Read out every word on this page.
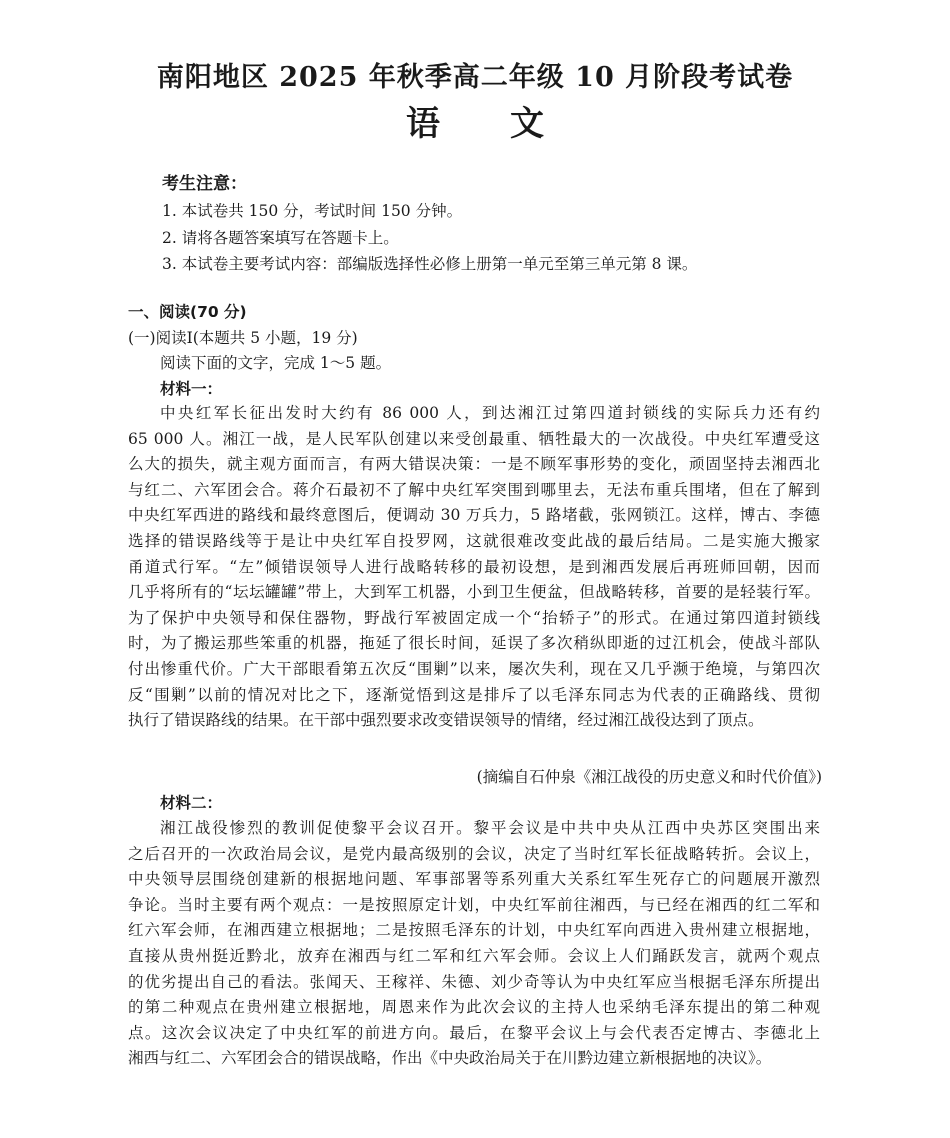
南阳地区 2025 年秋季高二年级 10 月阶段考试卷
语 文
考生注意：
1. 本试卷共 150 分，考试时间 150 分钟。
2. 请将各题答案填写在答题卡上。
3. 本试卷主要考试内容：部编版选择性必修上册第一单元至第三单元第 8 课。
一、阅读(70 分)
(一)阅读Ⅰ(本题共 5 小题，19 分)
阅读下面的文字，完成 1～5 题。
材料一：
中央红军长征出发时大约有 86 000 人，到达湘江过第四道封锁线的实际兵力还有约
65 000 人。湘江一战，是人民军队创建以来受创最重、牺牲最大的一次战役。中央红军遭受这
么大的损失，就主观方面而言，有两大错误决策：一是不顾军事形势的变化，顽固坚持去湘西北
与红二、六军团会合。蒋介石最初不了解中央红军突围到哪里去，无法布重兵围堵，但在了解到
中央红军西进的路线和最终意图后，便调动 30 万兵力，5 路堵截，张网锁江。这样，博古、李德
选择的错误路线等于是让中央红军自投罗网，这就很难改变此战的最后结局。二是实施大搬家
甬道式行军。“左”倾错误领导人进行战略转移的最初设想，是到湘西发展后再班师回朝，因而
几乎将所有的“坛坛罐罐”带上，大到军工机器，小到卫生便盆，但战略转移，首要的是轻装行军。
为了保护中央领导和保住器物，野战行军被固定成一个“抬轿子”的形式。在通过第四道封锁线
时，为了搬运那些笨重的机器，拖延了很长时间，延误了多次稍纵即逝的过江机会，使战斗部队
付出惨重代价。广大干部眼看第五次反“围剿”以来，屡次失利，现在又几乎濒于绝境，与第四次
反“围剿”以前的情况对比之下，逐渐觉悟到这是排斥了以毛泽东同志为代表的正确路线、贯彻
执行了错误路线的结果。在干部中强烈要求改变错误领导的情绪，经过湘江战役达到了顶点。
(摘编自石仲泉《湘江战役的历史意义和时代价值》)
材料二：
湘江战役惨烈的教训促使黎平会议召开。黎平会议是中共中央从江西中央苏区突围出来
之后召开的一次政治局会议，是党内最高级别的会议，决定了当时红军长征战略转折。会议上，
中央领导层围绕创建新的根据地问题、军事部署等系列重大关系红军生死存亡的问题展开激烈
争论。当时主要有两个观点：一是按照原定计划，中央红军前往湘西，与已经在湘西的红二军和
红六军会师，在湘西建立根据地；二是按照毛泽东的计划，中央红军向西进入贵州建立根据地，
直接从贵州挺近黔北，放弃在湘西与红二军和红六军会师。会议上人们踊跃发言，就两个观点
的优劣提出自己的看法。张闻天、王稼祥、朱德、刘少奇等认为中央红军应当根据毛泽东所提出
的第二种观点在贵州建立根据地，周恩来作为此次会议的主持人也采纳毛泽东提出的第二种观
点。这次会议决定了中央红军的前进方向。最后，在黎平会议上与会代表否定博古、李德北上
湘西与红二、六军团会合的错误战略，作出《中央政治局关于在川黔边建立新根据地的决议》。
